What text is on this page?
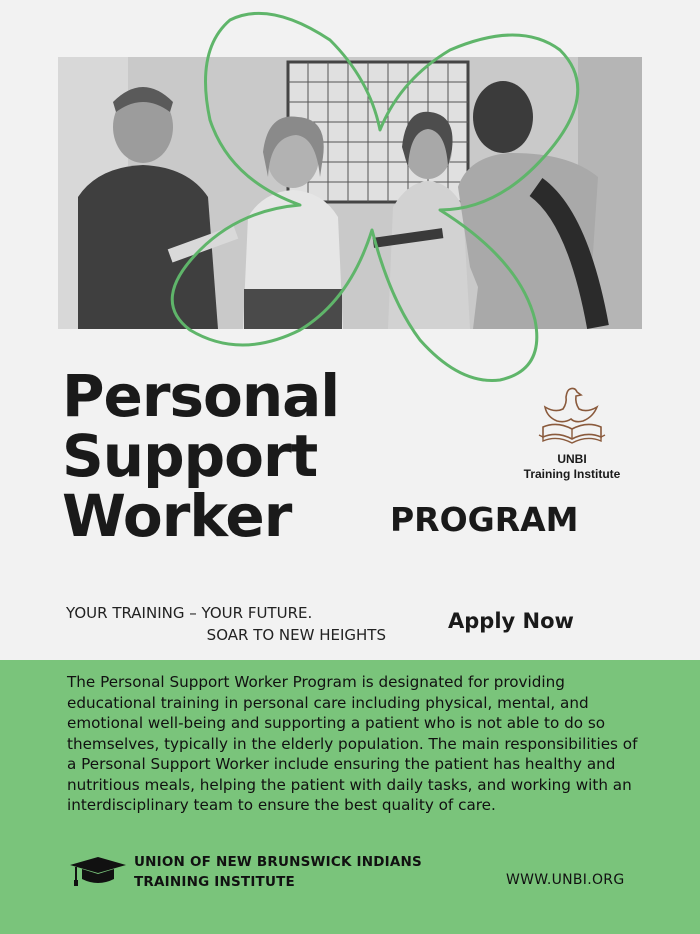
Personal
Support
Worker
UNBI
Training Institute
PROGRAM
YOUR TRAINING – YOUR FUTURE.
SOAR TO NEW HEIGHTS
Apply Now
The Personal Support Worker Program is designated for providing educational training in personal care including physical, mental, and emotional well-being and supporting a patient who is not able to do so themselves, typically in the elderly population. The main responsibilities of a Personal Support Worker include ensuring the patient has healthy and nutritious meals, helping the patient with daily tasks, and working with an interdisciplinary team to ensure the best quality of care.
UNION OF NEW BRUNSWICK INDIANS
TRAINING INSTITUTE	WWW.UNBI.ORG
